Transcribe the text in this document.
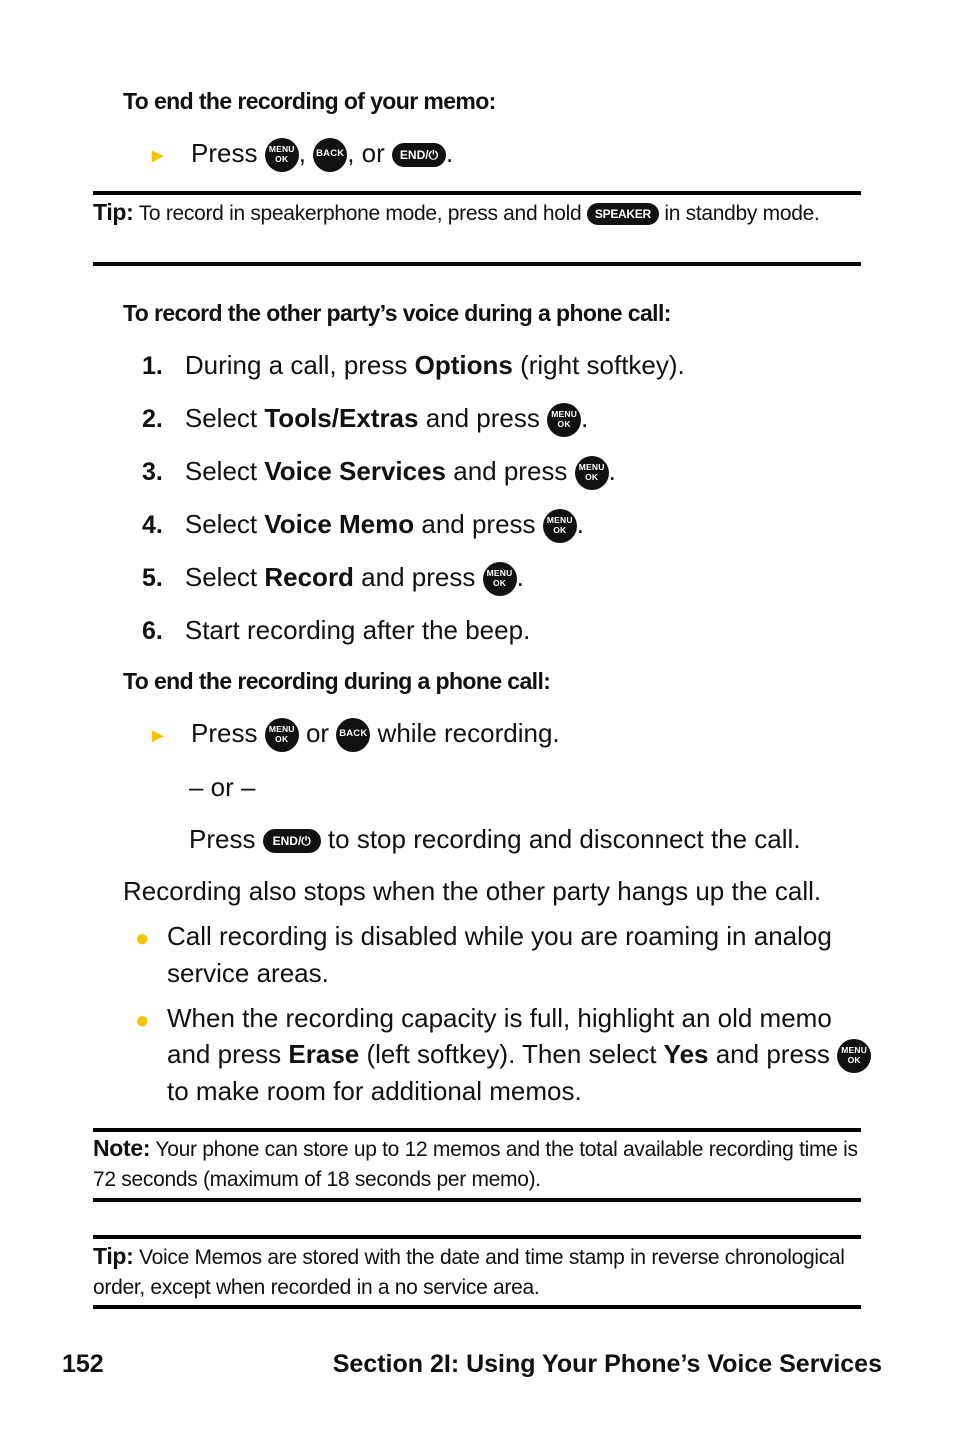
To end the recording of your memo:
► Press MENU
OK , BACK , or END/⏻ .
Tip: To record in speakerphone mode, press and hold SPEAKER in standby mode.
To record the other party’s voice during a phone call:
1. During a call, press Options (right softkey).
2. Select Tools/Extras and press MENU
OK .
3. Select Voice Services and press MENU
OK .
4. Select Voice Memo and press MENU
OK .
5. Select Record and press MENU
OK .
6. Start recording after the beep.
To end the recording during a phone call:
► Press MENU
OK or BACK while recording.
– or –
Press END/⏻ to stop recording and disconnect the call.
Recording also stops when the other party hangs up the call.
● Call recording is disabled while you are roaming in analog
service areas.
● When the recording capacity is full, highlight an old memo
and press Erase (left softkey). Then select Yes and press MENU
OK
to make room for additional memos.
Note: Your phone can store up to 12 memos and the total available recording time is 72 seconds (maximum of 18 seconds per memo).
Tip: Voice Memos are stored with the date and time stamp in reverse chronological order, except when recorded in a no service area.
152	Section 2I: Using Your Phone’s Voice Services
